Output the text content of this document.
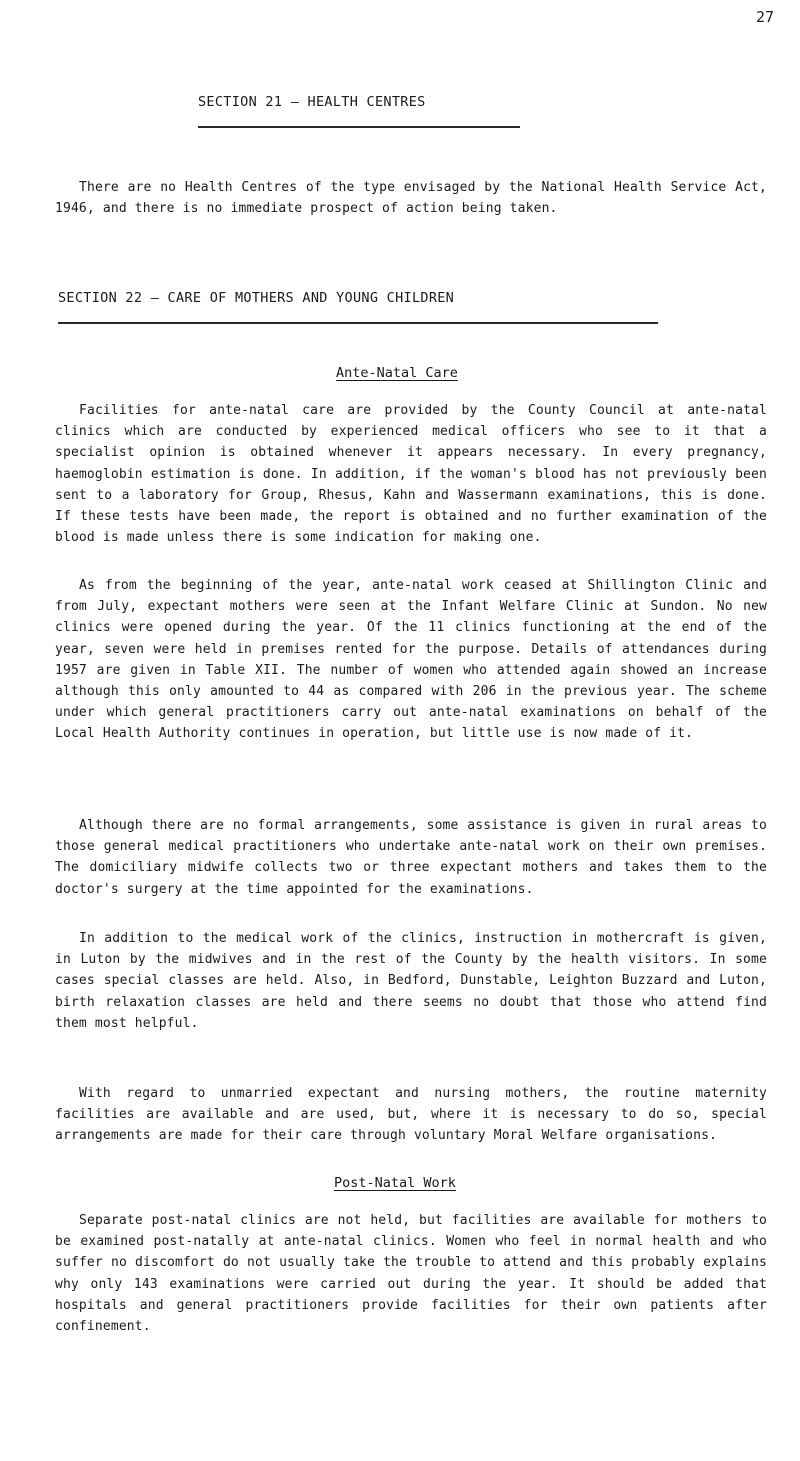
27
SECTION 21 — HEALTH CENTRES

There are no Health Centres of the type envisaged by the National Health Service Act, 1946, and there is no immediate prospect of action being taken.

SECTION 22 — CARE OF MOTHERS AND YOUNG CHILDREN
Ante-Natal Care

Facilities for ante-natal care are provided by the County Council at ante-natal clinics which are conducted by experienced medical officers who see to it that a specialist opinion is obtained whenever it appears necessary. In every pregnancy, haemoglobin estimation is done. In addition, if the woman's blood has not previously been sent to a laboratory for Group, Rhesus, Kahn and Wassermann examinations, this is done. If these tests have been made, the report is obtained and no further examination of the blood is made unless there is some indication for making one.

As from the beginning of the year, ante-natal work ceased at Shillington Clinic and from July, expectant mothers were seen at the Infant Welfare Clinic at Sundon. No new clinics were opened during the year. Of the 11 clinics functioning at the end of the year, seven were held in premises rented for the purpose. Details of attendances during 1957 are given in Table XII. The number of women who attended again showed an increase although this only amounted to 44 as compared with 206 in the previous year. The scheme under which general practitioners carry out ante-natal examinations on behalf of the Local Health Authority continues in operation, but little use is now made of it.

Although there are no formal arrangements, some assistance is given in rural areas to those general medical practitioners who undertake ante-natal work on their own premises. The domiciliary midwife collects two or three expectant mothers and takes them to the doctor's surgery at the time appointed for the examinations.

In addition to the medical work of the clinics, instruction in mothercraft is given, in Luton by the midwives and in the rest of the County by the health visitors. In some cases special classes are held. Also, in Bedford, Dunstable, Leighton Buzzard and Luton, birth relaxation classes are held and there seems no doubt that those who attend find them most helpful.

With regard to unmarried expectant and nursing mothers, the routine maternity facilities are available and are used, but, where it is necessary to do so, special arrangements are made for their care through voluntary Moral Welfare organisations.

Post-Natal Work

Separate post-natal clinics are not held, but facilities are available for mothers to be examined post-natally at ante-natal clinics. Women who feel in normal health and who suffer no discomfort do not usually take the trouble to attend and this probably explains why only 143 examinations were carried out during the year. It should be added that hospitals and general practitioners provide facilities for their own patients after confinement.
